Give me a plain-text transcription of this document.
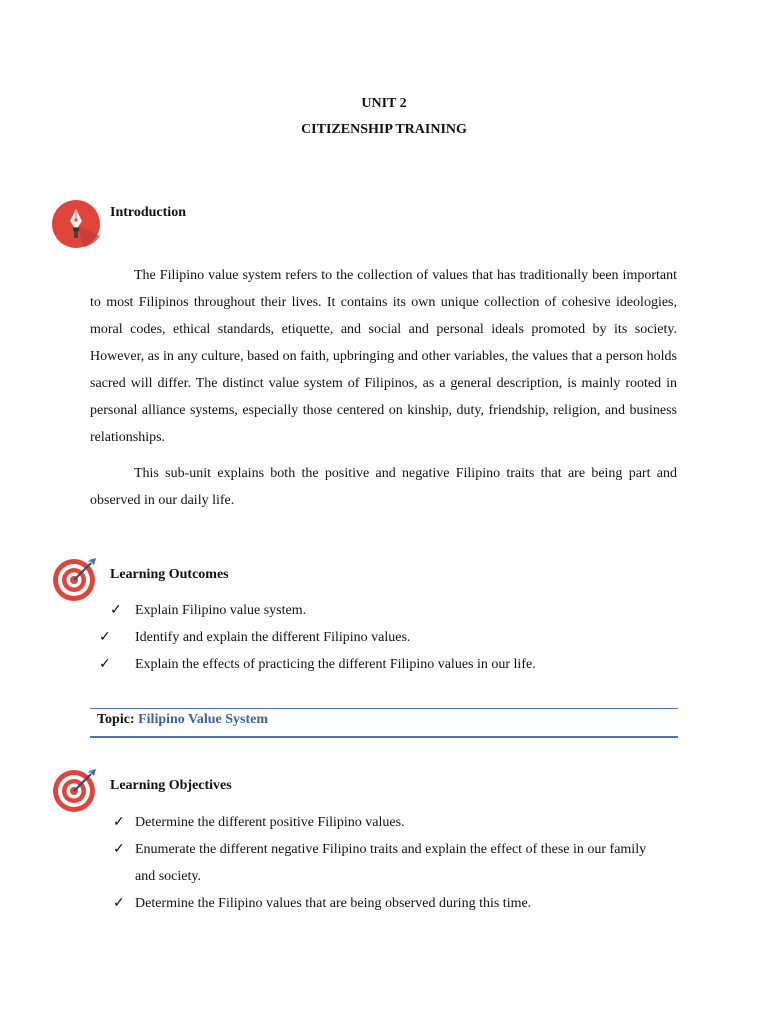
UNIT 2

CITIZENSHIP TRAINING

Introduction

The Filipino value system refers to the collection of values that has traditionally been important to most Filipinos throughout their lives. It contains its own unique collection of cohesive ideologies, moral codes, ethical standards, etiquette, and social and personal ideals promoted by its society. However, as in any culture, based on faith, upbringing and other variables, the values that a person holds sacred will differ. The distinct value system of Filipinos, as a general description, is mainly rooted in personal alliance systems, especially those centered on kinship, duty, friendship, religion, and business relationships.

This sub-unit explains both the positive and negative Filipino traits that are being part and observed in our daily life.

Learning Outcomes
✓ Explain Filipino value system.
✓ Identify and explain the different Filipino values.
✓ Explain the effects of practicing the different Filipino values in our life.
Topic: Filipino Value System
Learning Objectives
✓ Determine the different positive Filipino values.
✓ Enumerate the different negative Filipino traits and explain the effect of these in our family and society.
✓ Determine the Filipino values that are being observed during this time.
